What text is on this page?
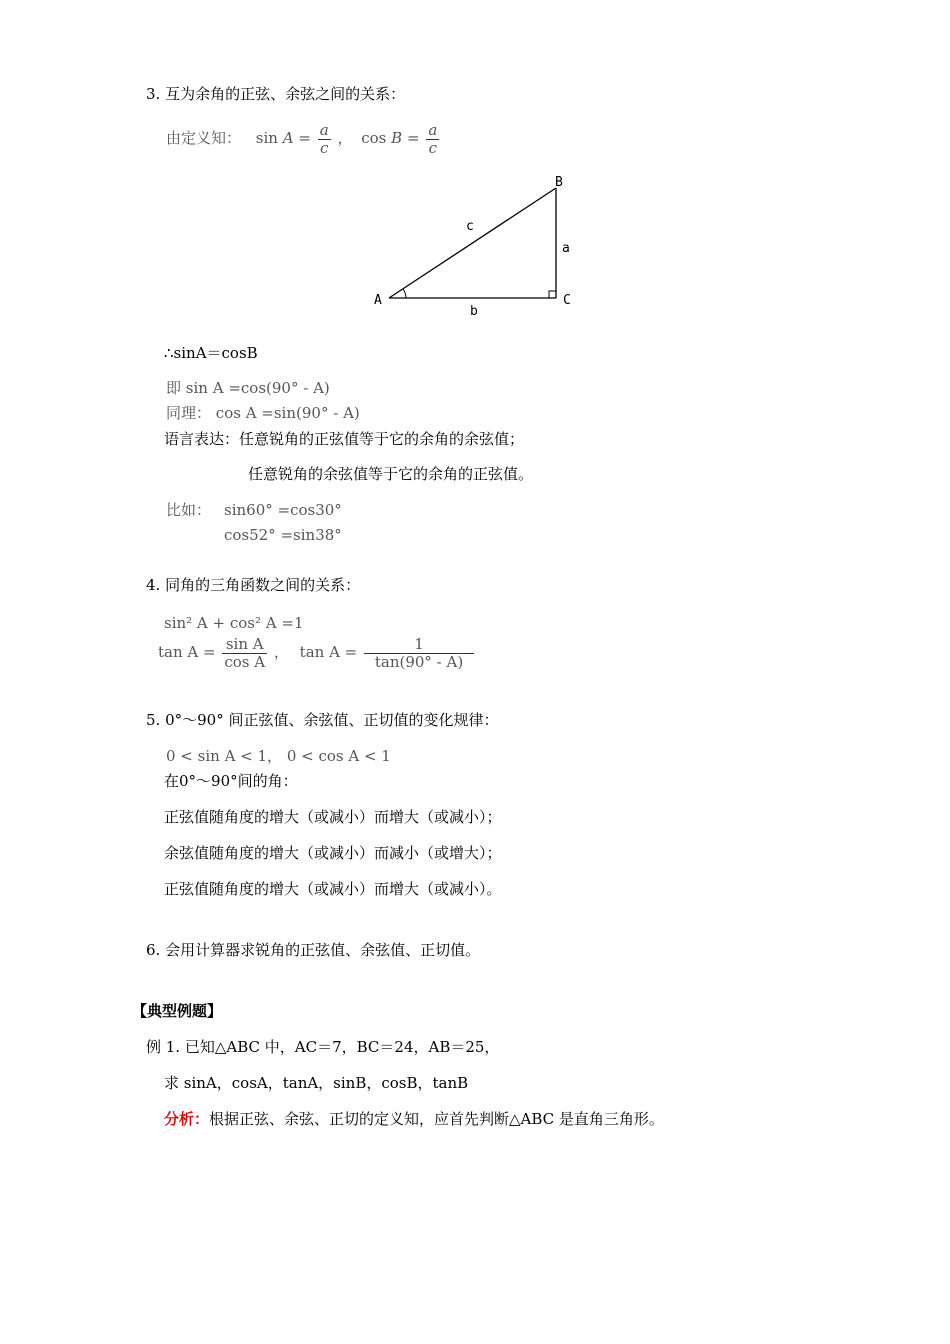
3. 互为余角的正弦、余弦之间的关系：
由定义知： $\sin A = \frac{a}{c}$ ， $\cos B = \frac{a}{c}$
A
B
C
a
b
c
∴sinA＝cosB
即 sin A =cos(90° - A)
同理： cos A =sin(90° - A)
语言表达：任意锐角的正弦值等于它的余角的余弦值；
任意锐角的余弦值等于它的余角的正弦值。
比如： sin60° =cos30°
cos52° =sin38°
4. 同角的三角函数之间的关系：
sin² A + cos² A =1
$\tan A = \frac{\text{sin A}}{\text{cos A}}$ ， $\tan A = \frac{1}{\tan(90^\circ - A)}$
5. 0°～90° 间正弦值、余弦值、正切值的变化规律：
0 < sin A < 1， 0 < cos A < 1
在0°～90°间的角：
正弦值随角度的增大（或减小）而增大（或减小）；
余弦值随角度的增大（或减小）而减小（或增大）；
正弦值随角度的增大（或减小）而增大（或减小）。
6. 会用计算器求锐角的正弦值、余弦值、正切值。
【典型例题】
例 1. 已知△ABC 中，AC＝7，BC＝24，AB＝25，
求 sinA，cosA，tanA，sinB，cosB，tanB
分析：根据正弦、余弦、正切的定义知，应首先判断△ABC 是直角三角形。
